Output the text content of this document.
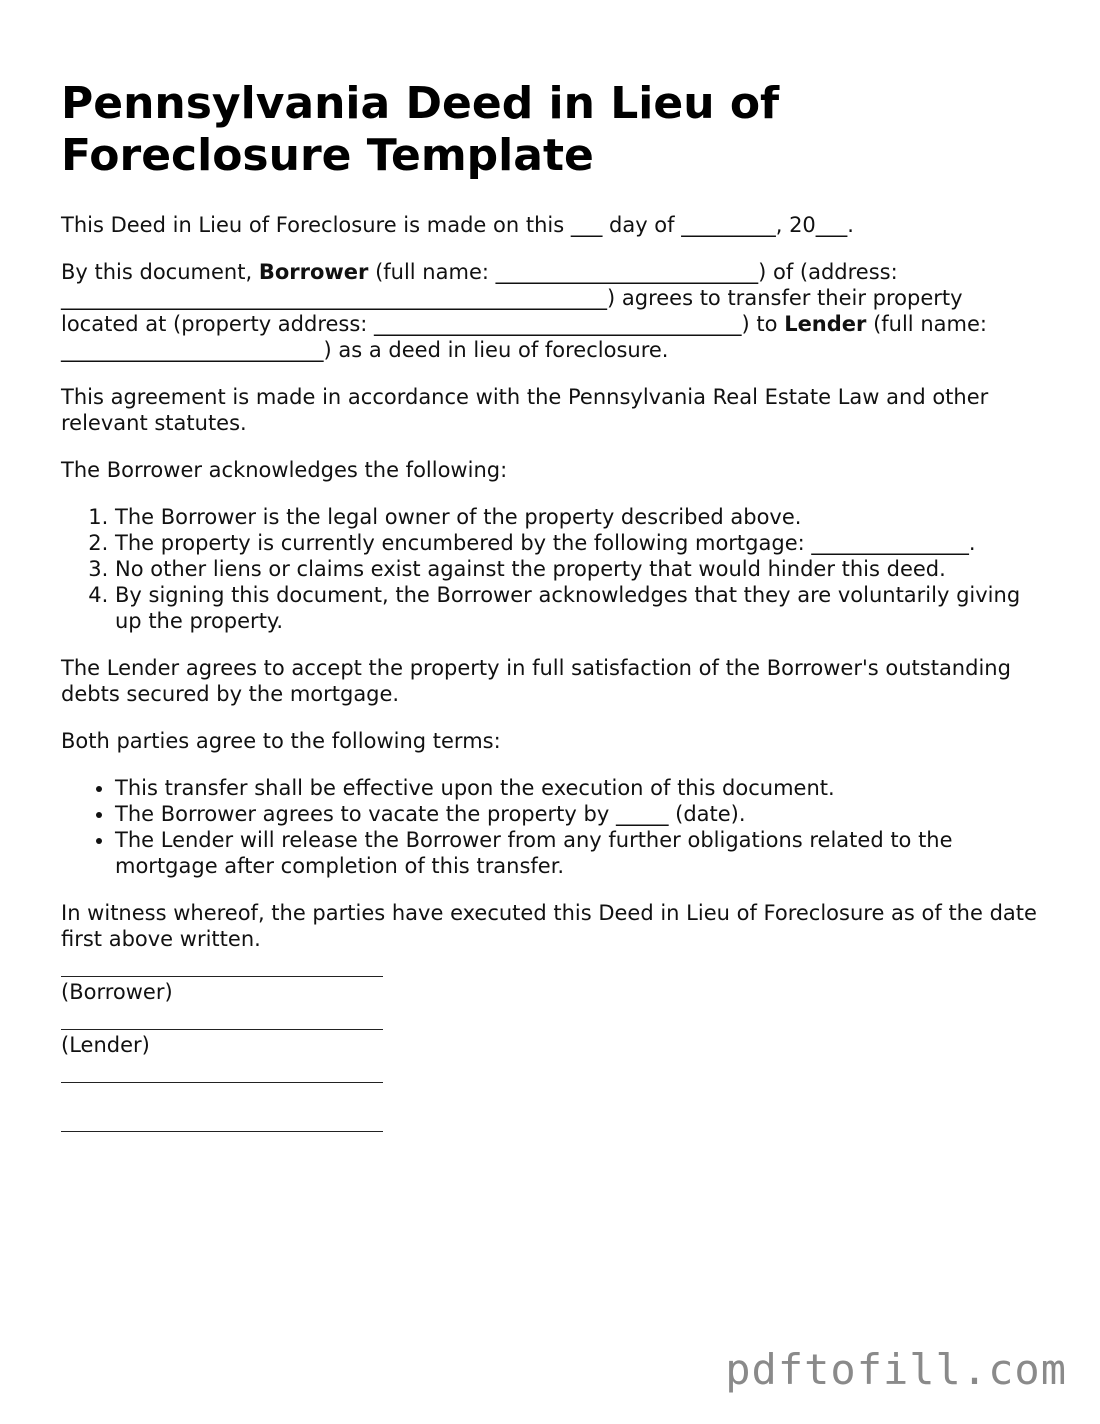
Pennsylvania Deed in Lieu of Foreclosure Template

This Deed in Lieu of Foreclosure is made on this ___ day of _________, 20___.

By this document, Borrower (full name: _________________________) of (address: ____________________________________________________) agrees to transfer their property located at (property address: ___________________________________) to Lender (full name: _________________________) as a deed in lieu of foreclosure.

This agreement is made in accordance with the Pennsylvania Real Estate Law and other relevant statutes.

The Borrower acknowledges the following:

1. The Borrower is the legal owner of the property described above.
2. The property is currently encumbered by the following mortgage: _______________.
3. No other liens or claims exist against the property that would hinder this deed.
4. By signing this document, the Borrower acknowledges that they are voluntarily giving up the property.

The Lender agrees to accept the property in full satisfaction of the Borrower's outstanding debts secured by the mortgage.

Both parties agree to the following terms:

• This transfer shall be effective upon the execution of this document.
• The Borrower agrees to vacate the property by _____ (date).
• The Lender will release the Borrower from any further obligations related to the mortgage after completion of this transfer.

In witness whereof, the parties have executed this Deed in Lieu of Foreclosure as of the date first above written.

(Borrower)
(Lender)
pdftofill.com
